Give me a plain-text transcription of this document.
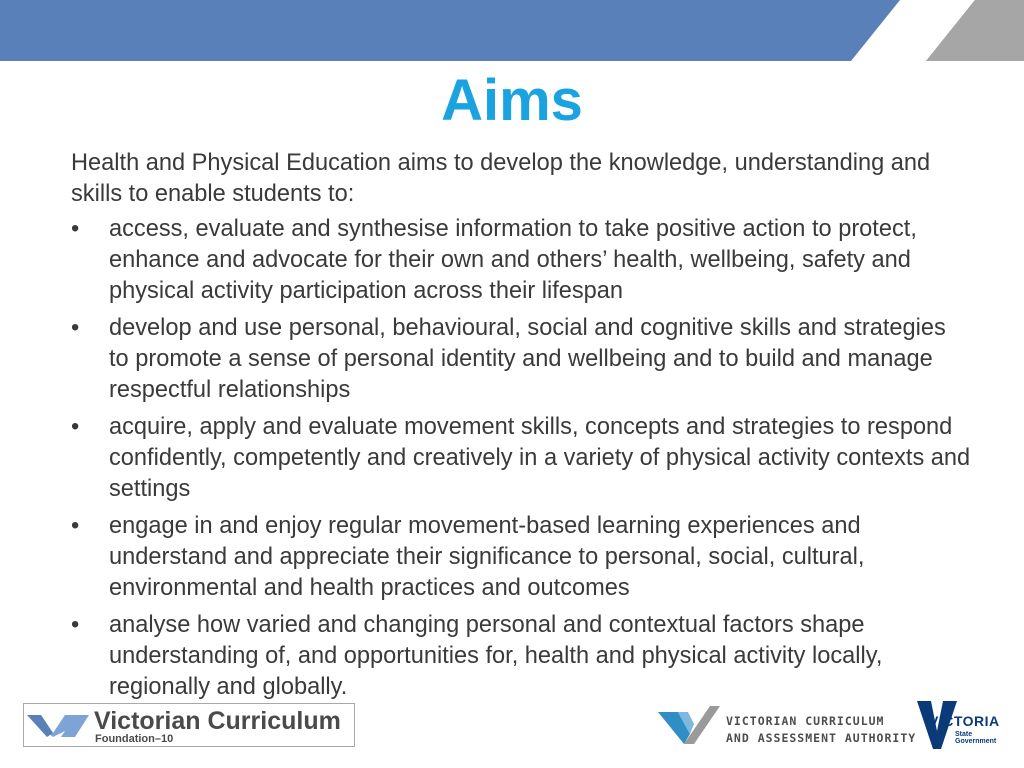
Aims

Health and Physical Education aims to develop the knowledge, understanding and skills to enable students to:

• access, evaluate and synthesise information to take positive action to protect, enhance and advocate for their own and others’ health, wellbeing, safety and physical activity participation across their lifespan
• develop and use personal, behavioural, social and cognitive skills and strategies to promote a sense of personal identity and wellbeing and to build and manage respectful relationships
• acquire, apply and evaluate movement skills, concepts and strategies to respond confidently, competently and creatively in a variety of physical activity contexts and settings
• engage in and enjoy regular movement-based learning experiences and understand and appreciate their significance to personal, social, cultural, environmental and health practices and outcomes
• analyse how varied and changing personal and contextual factors shape understanding of, and opportunities for, health and physical activity locally, regionally and globally.
Victorian Curriculum
Foundation–10
VICTORIAN CURRICULUM
AND ASSESSMENT AUTHORITY
VICTORIA
State
Government
